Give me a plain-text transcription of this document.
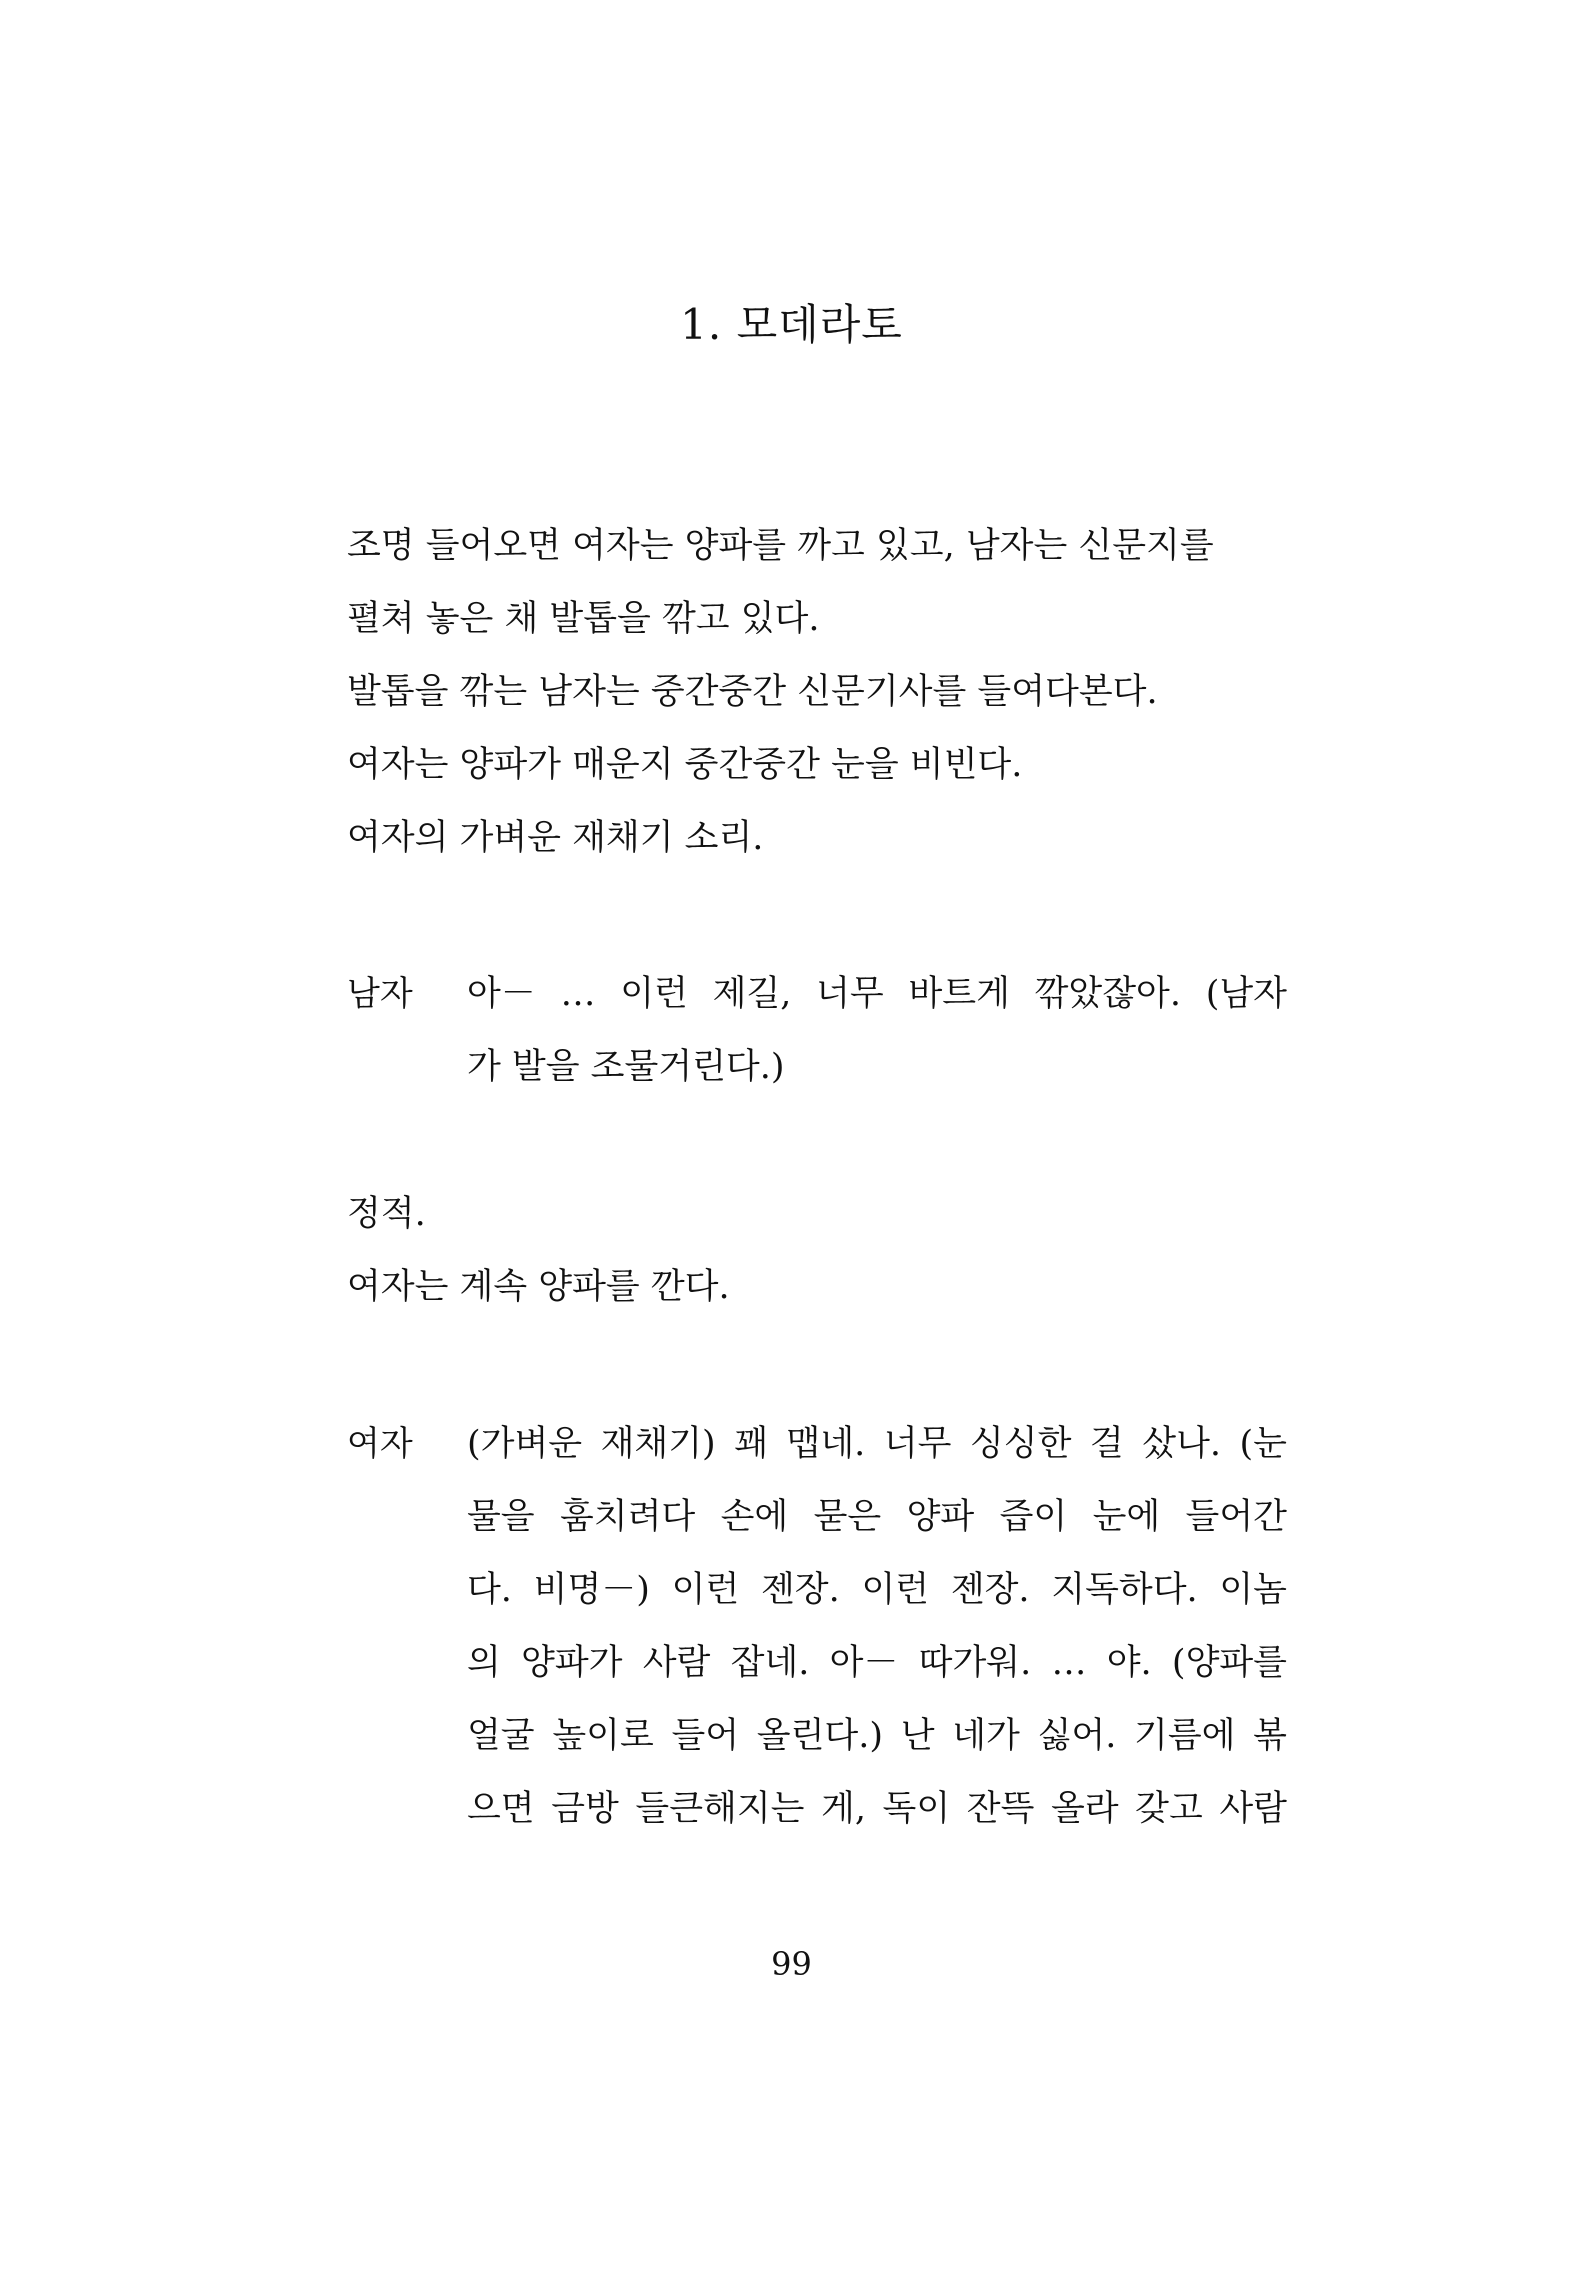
1. 모데라토
조명 들어오면 여자는 양파를 까고 있고, 남자는 신문지를
펼쳐 놓은 채 발톱을 깎고 있다.
발톱을 깎는 남자는 중간중간 신문기사를 들여다본다.
여자는 양파가 매운지 중간중간 눈을 비빈다.
여자의 가벼운 재채기 소리.
남자 아－ … 이런 제길, 너무 바트게 깎았잖아. (남자
가 발을 조물거린다.)
정적.
여자는 계속 양파를 깐다.
여자 (가벼운 재채기) 꽤 맵네. 너무 싱싱한 걸 샀나. (눈
물을 훔치려다 손에 묻은 양파 즙이 눈에 들어간
다. 비명－) 이런 젠장. 이런 젠장. 지독하다. 이놈
의 양파가 사람 잡네. 아－ 따가워. … 야. (양파를
얼굴 높이로 들어 올린다.) 난 네가 싫어. 기름에 볶
으면 금방 들큰해지는 게, 독이 잔뜩 올라 갖고 사람
99
